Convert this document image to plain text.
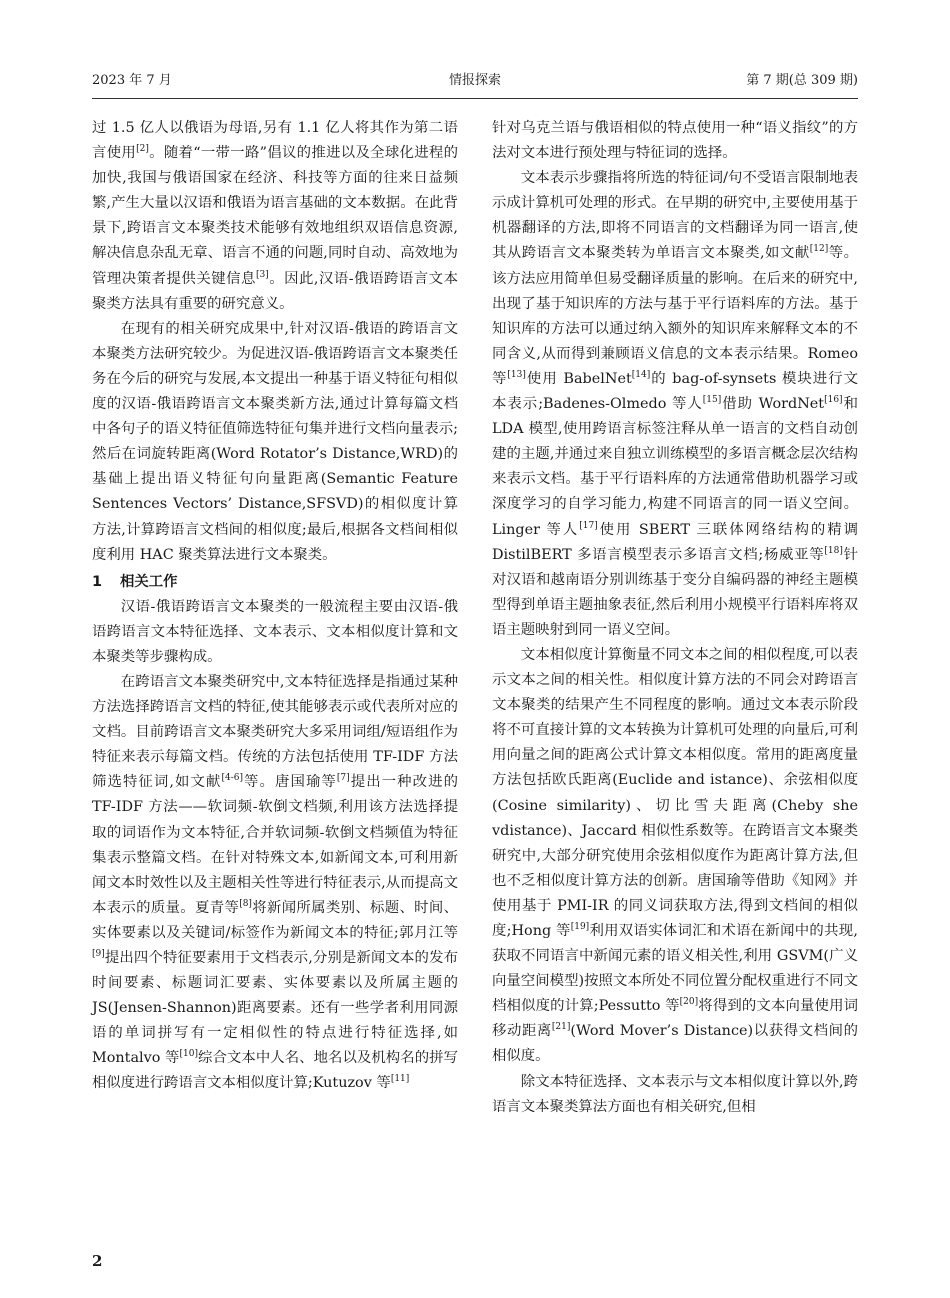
2023 年 7 月	情报探索	第 7 期(总 309 期)

过 1.5 亿人以俄语为母语,另有 1.1 亿人将其作为第二语言使用[2]。随着“一带一路”倡议的推进以及全球化进程的加快,我国与俄语国家在经济、科技等方面的往来日益频繁,产生大量以汉语和俄语为语言基础的文本数据。在此背景下,跨语言文本聚类技术能够有效地组织双语信息资源,解决信息杂乱无章、语言不通的问题,同时自动、高效地为管理决策者提供关键信息[3]。因此,汉语-俄语跨语言文本聚类方法具有重要的研究意义。

在现有的相关研究成果中,针对汉语-俄语的跨语言文本聚类方法研究较少。为促进汉语-俄语跨语言文本聚类任务在今后的研究与发展,本文提出一种基于语义特征句相似度的汉语-俄语跨语言文本聚类新方法,通过计算每篇文档中各句子的语义特征值筛选特征句集并进行文档向量表示;然后在词旋转距离(Word Rotator’s Distance,WRD)的基础上提出语义特征句向量距离(Semantic Feature Sentences Vectors’ Distance,SFSVD)的相似度计算方法,计算跨语言文档间的相似度;最后,根据各文档间相似度利用 HAC 聚类算法进行文本聚类。

1 相关工作

汉语-俄语跨语言文本聚类的一般流程主要由汉语-俄语跨语言文本特征选择、文本表示、文本相似度计算和文本聚类等步骤构成。

在跨语言文本聚类研究中,文本特征选择是指通过某种方法选择跨语言文档的特征,使其能够表示或代表所对应的文档。目前跨语言文本聚类研究大多采用词组/短语组作为特征来表示每篇文档。传统的方法包括使用 TF-IDF 方法筛选特征词,如文献[4-6]等。唐国瑜等[7]提出一种改进的 TF-IDF 方法——软词频-软倒文档频,利用该方法选择提取的词语作为文本特征,合并软词频-软倒文档频值为特征集表示整篇文档。在针对特殊文本,如新闻文本,可利用新闻文本时效性以及主题相关性等进行特征表示,从而提高文本表示的质量。夏青等[8]将新闻所属类别、标题、时间、实体要素以及关键词/标签作为新闻文本的特征;郭月江等[9]提出四个特征要素用于文档表示,分别是新闻文本的发布时间要素、标题词汇要素、实体要素以及所属主题的 JS(Jensen-Shannon)距离要素。还有一些学者利用同源语的单词拼写有一定相似性的特点进行特征选择,如 Montalvo 等[10]综合文本中人名、地名以及机构名的拼写相似度进行跨语言文本相似度计算;Kutuzov 等[11]

针对乌克兰语与俄语相似的特点使用一种“语义指纹”的方法对文本进行预处理与特征词的选择。

文本表示步骤指将所选的特征词/句不受语言限制地表示成计算机可处理的形式。在早期的研究中,主要使用基于机器翻译的方法,即将不同语言的文档翻译为同一语言,使其从跨语言文本聚类转为单语言文本聚类,如文献[12]等。该方法应用简单但易受翻译质量的影响。在后来的研究中,出现了基于知识库的方法与基于平行语料库的方法。基于知识库的方法可以通过纳入额外的知识库来解释文本的不同含义,从而得到兼顾语义信息的文本表示结果。Romeo 等[13]使用 BabelNet[14]的 bag-of-synsets 模块进行文本表示;Badenes-Olmedo 等人[15]借助 WordNet[16]和 LDA 模型,使用跨语言标签注释从单一语言的文档自动创建的主题,并通过来自独立训练模型的多语言概念层次结构来表示文档。基于平行语料库的方法通常借助机器学习或深度学习的自学习能力,构建不同语言的同一语义空间。Linger 等人[17]使用 SBERT 三联体网络结构的精调 DistilBERT 多语言模型表示多语言文档;杨威亚等[18]针对汉语和越南语分别训练基于变分自编码器的神经主题模型得到单语主题抽象表征,然后利用小规模平行语料库将双语主题映射到同一语义空间。

文本相似度计算衡量不同文本之间的相似程度,可以表示文本之间的相关性。相似度计算方法的不同会对跨语言文本聚类的结果产生不同程度的影响。通过文本表示阶段将不可直接计算的文本转换为计算机可处理的向量后,可利用向量之间的距离公式计算文本相似度。常用的距离度量方法包括欧氏距离(Euclide and istance)、余弦相似度(Cosine similarity)、切比雪夫距离(Cheby she vdistance)、Jaccard 相似性系数等。在跨语言文本聚类研究中,大部分研究使用余弦相似度作为距离计算方法,但也不乏相似度计算方法的创新。唐国瑜等借助《知网》并使用基于 PMI-IR 的同义词获取方法,得到文档间的相似度;Hong 等[19]利用双语实体词汇和术语在新闻中的共现,获取不同语言中新闻元素的语义相关性,利用 GSVM(广义向量空间模型)按照文本所处不同位置分配权重进行不同文档相似度的计算;Pessutto 等[20]将得到的文本向量使用词移动距离[21](Word Mover’s Distance)以获得文档间的相似度。

除文本特征选择、文本表示与文本相似度计算以外,跨语言文本聚类算法方面也有相关研究,但相

2
